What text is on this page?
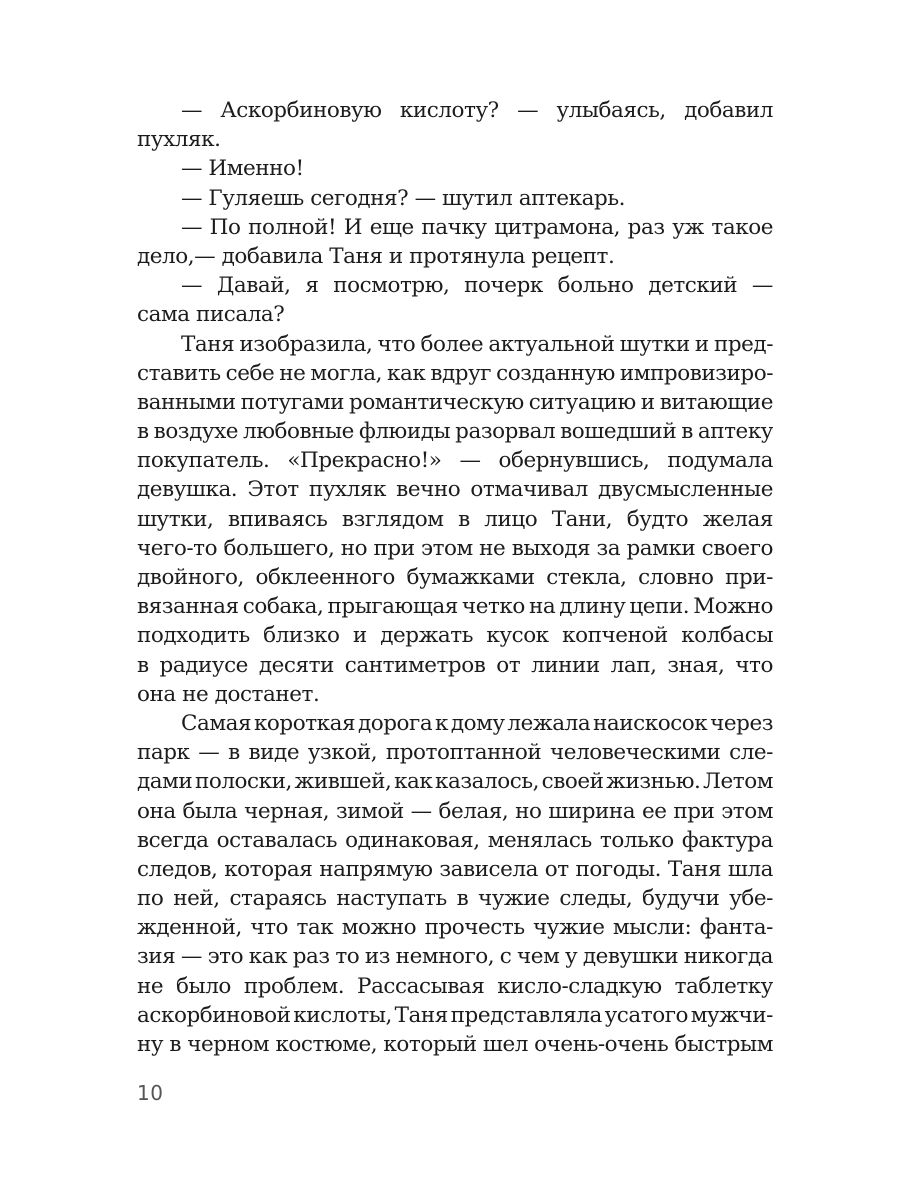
— Аскорбиновую кислоту? — улыбаясь, добавил
пухляк.
— Именно!
— Гуляешь сегодня? — шутил аптекарь.
— По полной! И еще пачку цитрамона, раз уж такое
дело,— добавила Таня и протянула рецепт.
— Давай, я посмотрю, почерк больно детский —
сама писала?
Таня изобразила, что более актуальной шутки и пред-
ставить себе не могла, как вдруг созданную импровизиро-
ванными потугами романтическую ситуацию и витающие
в воздухе любовные флюиды разорвал вошедший в аптеку
покупатель. «Прекрасно!» — обернувшись, подумала
девушка. Этот пухляк вечно отмачивал двусмысленные
шутки, впиваясь взглядом в лицо Тани, будто желая
чего-то большего, но при этом не выходя за рамки своего
двойного, обклеенного бумажками стекла, словно при-
вязанная собака, прыгающая четко на длину цепи. Можно
подходить близко и держать кусок копченой колбасы
в радиусе десяти сантиметров от линии лап, зная, что
она не достанет.
Самая короткая дорога к дому лежала наискосок через
парк — в виде узкой, протоптанной человеческими сле-
дами полоски, жившей, как казалось, своей жизнью. Летом
она была черная, зимой — белая, но ширина ее при этом
всегда оставалась одинаковая, менялась только фактура
следов, которая напрямую зависела от погоды. Таня шла
по ней, стараясь наступать в чужие следы, будучи убе-
жденной, что так можно прочесть чужие мысли: фанта-
зия — это как раз то из немного, с чем у девушки никогда
не было проблем. Рассасывая кисло-сладкую таблетку
аскорбиновой кислоты, Таня представляла усатого мужчи-
ну в черном костюме, который шел очень-очень быстрым
10
